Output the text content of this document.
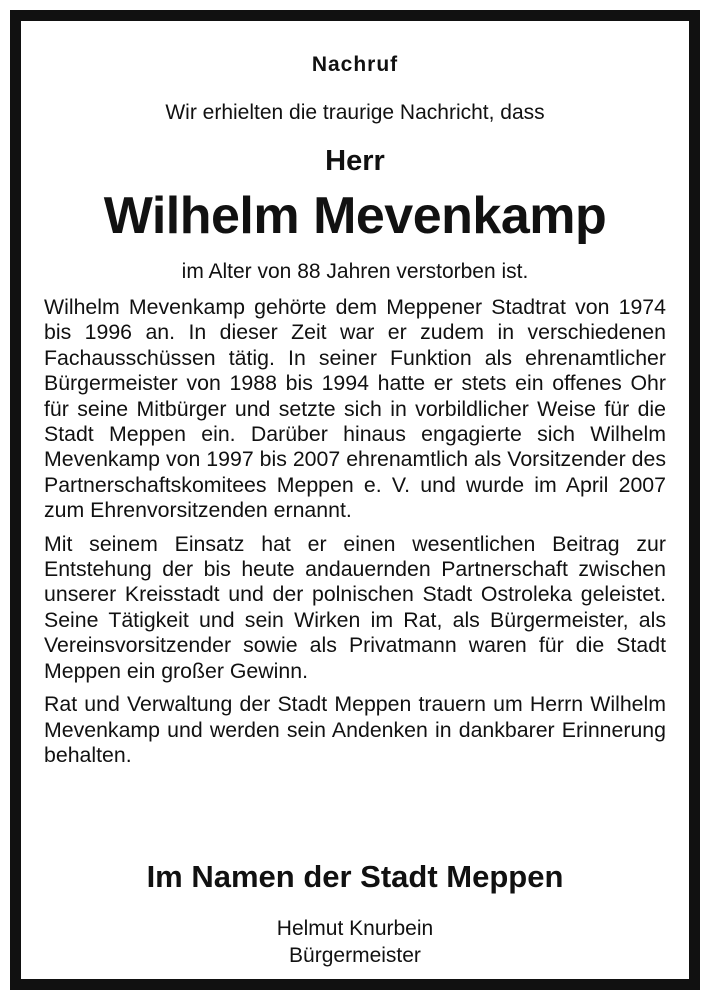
Nachruf
Wir erhielten die traurige Nachricht, dass
Herr
Wilhelm Mevenkamp
im Alter von 88 Jahren verstorben ist.

Wilhelm Mevenkamp gehörte dem Meppener Stadtrat von 1974 bis 1996 an. In dieser Zeit war er zudem in verschiedenen Fachausschüssen tätig. In seiner Funktion als ehrenamtlicher Bürgermeister von 1988 bis 1994 hatte er stets ein offenes Ohr für seine Mitbürger und setzte sich in vorbildlicher Weise für die Stadt Meppen ein. Darüber hinaus engagierte sich Wilhelm Mevenkamp von 1997 bis 2007 ehrenamtlich als Vorsitzender des Partnerschaftskomitees Meppen e. V. und wurde im April 2007 zum Ehrenvorsitzenden ernannt.

Mit seinem Einsatz hat er einen wesentlichen Beitrag zur Entstehung der bis heute andauernden Partnerschaft zwischen unserer Kreisstadt und der polnischen Stadt Ostroleka geleistet. Seine Tätigkeit und sein Wirken im Rat, als Bürgermeister, als Vereinsvorsitzender sowie als Privatmann waren für die Stadt Meppen ein großer Gewinn.

Rat und Verwaltung der Stadt Meppen trauern um Herrn Wilhelm Mevenkamp und werden sein Andenken in dankbarer Erinnerung behalten.

Im Namen der Stadt Meppen
Helmut Knurbein
Bürgermeister
